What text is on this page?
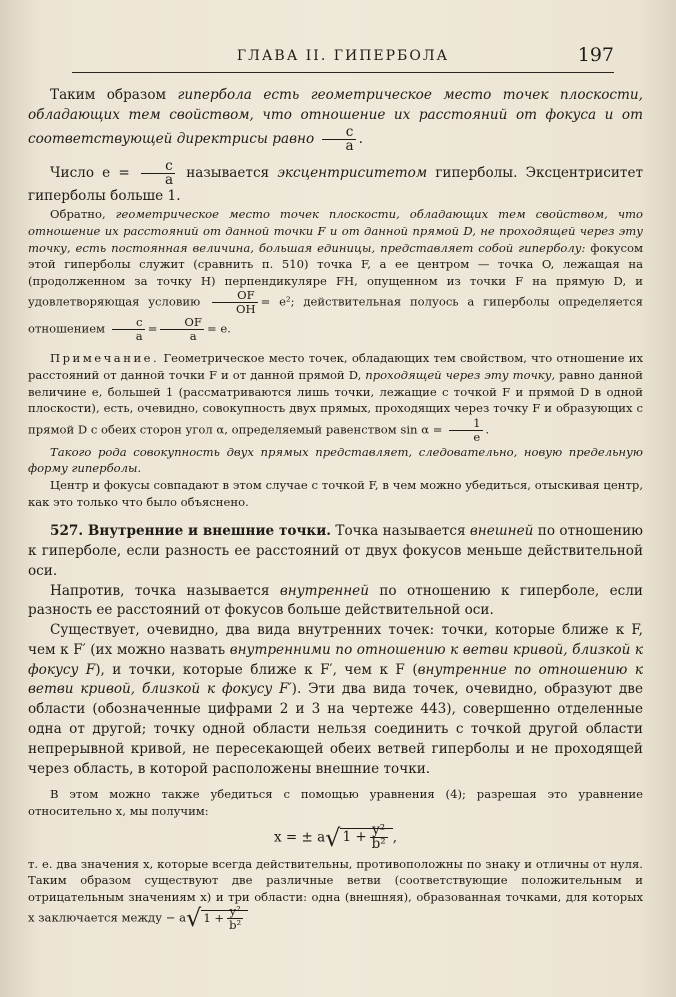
ГЛАВА II. ГИПЕРБОЛА	197

Таким образом гипербола есть геометрическое место точек плоскости, обладающих тем свойством, что отношение их расстояний от фокуса и от соответствующей директрисы равно $\frac{c}{a}$ .

Число $e = \frac{c}{a}$ называется эксцентриситетом гиперболы. Эксцентриситет гиперболы больше 1.

Обратно, геометрическое место точек плоскости, обладающих тем свойством, что отношение их расстояний от данной точки F и от данной прямой D, не проходящей через эту точку, есть постоянная величина, большая единицы, представляет собой гиперболу: фокусом этой гиперболы служит (сравнить п. 510) точка F, а ее центром — точка O, лежащая на (продолженном за точку H) перпендикуляре FH, опущенном из точки F на прямую D, и удовлетворяющая условию $\frac{OF}{OH} = e^2$; действительная полуось a гиперболы определяется отношением $\frac{c}{a} = \frac{OF}{a} = e$.

Примечание. Геометрическое место точек, обладающих тем свойством, что отношение их расстояний от данной точки F и от данной прямой D, проходящей через эту точку, равно данной величине e, большей 1 (рассматриваются лишь точки, лежащие с точкой F и прямой D в одной плоскости), есть, очевидно, совокупность двух прямых, проходящих через точку F и образующих с прямой D с обеих сторон угол α, определяемый равенством $\sin \alpha = \frac{1}{e}$ .

Такого рода совокупность двух прямых представляет, следовательно, новую предельную форму гиперболы.

Центр и фокусы совпадают в этом случае с точкой F, в чем можно убедиться, отыскивая центр, как это только что было объяснено.

527. Внутренние и внешние точки. Точка называется внешней по отношению к гиперболе, если разность ее расстояний от двух фокусов меньше действительной оси.

Напротив, точка называется внутренней по отношению к гиперболе, если разность ее расстояний от фокусов больше действительной оси.

Существует, очевидно, два вида внутренних точек: точки, которые ближе к F, чем к F′ (их можно назвать внутренними по отношению к ветви кривой, близкой к фокусу F), и точки, которые ближе к F′, чем к F (внутренние по отношению к ветви кривой, близкой к фокусу F′). Эти два вида точек, очевидно, образуют две области (обозначенные цифрами 2 и 3 на чертеже 443), совершенно отделенные одна от другой; точку одной области нельзя соединить с точкой другой области непрерывной кривой, не пересекающей обеих ветвей гиперболы и не проходящей через область, в которой расположены внешние точки.

В этом можно также убедиться с помощью уравнения (4); разрешая это уравнение относительно x, мы получим:

x = ± a√ $1 + \frac{\text{y²}}{\text{b²}}$ ,

т. е. два значения x, которые всегда действительны, противоположны по знаку и отличны от нуля. Таким образом существуют две различные ветви (соответствующие положительным и отрицательным значениям x) и три области: одна (внешняя), образованная точками, для которых x заключается между − a√ $1 + \frac{\text{y²}}{\text{b²}}$
